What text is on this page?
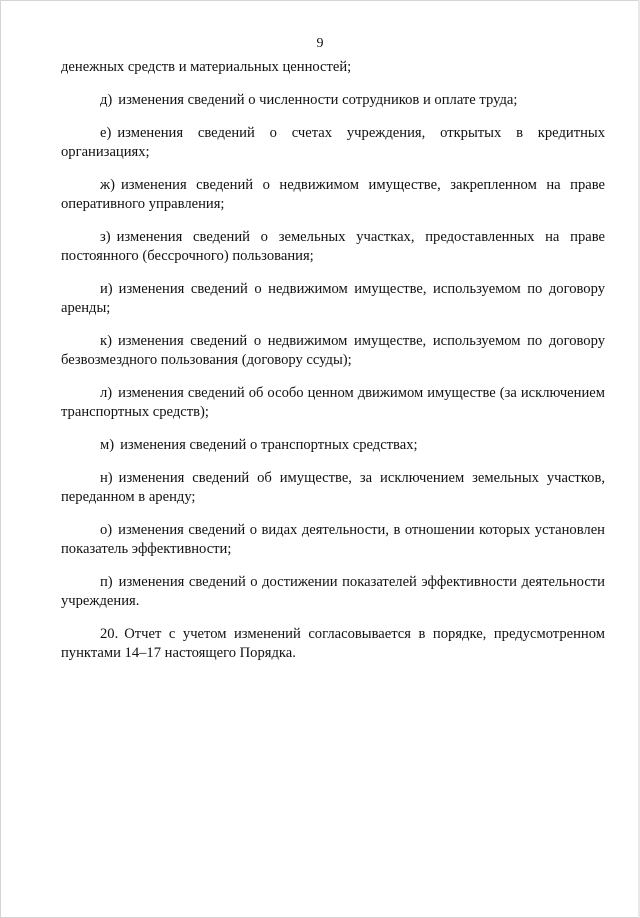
9

денежных средств и материальных ценностей;

д) изменения сведений о численности сотрудников и оплате труда;

е) изменения сведений о счетах учреждения, открытых в кредитных организациях;

ж) изменения сведений о недвижимом имуществе, закрепленном на праве оперативного управления;

з) изменения сведений о земельных участках, предоставленных на праве постоянного (бессрочного) пользования;

и) изменения сведений о недвижимом имуществе, используемом по договору аренды;

к) изменения сведений о недвижимом имуществе, используемом по договору безвозмездного пользования (договору ссуды);

л) изменения сведений об особо ценном движимом имуществе (за исключением транспортных средств);

м) изменения сведений о транспортных средствах;

н) изменения сведений об имуществе, за исключением земельных участков, переданном в аренду;

о) изменения сведений о видах деятельности, в отношении которых установлен показатель эффективности;

п) изменения сведений о достижении показателей эффективности деятельности учреждения.

20. Отчет с учетом изменений согласовывается в порядке, предусмотренном пунктами 14–17 настоящего Порядка.
